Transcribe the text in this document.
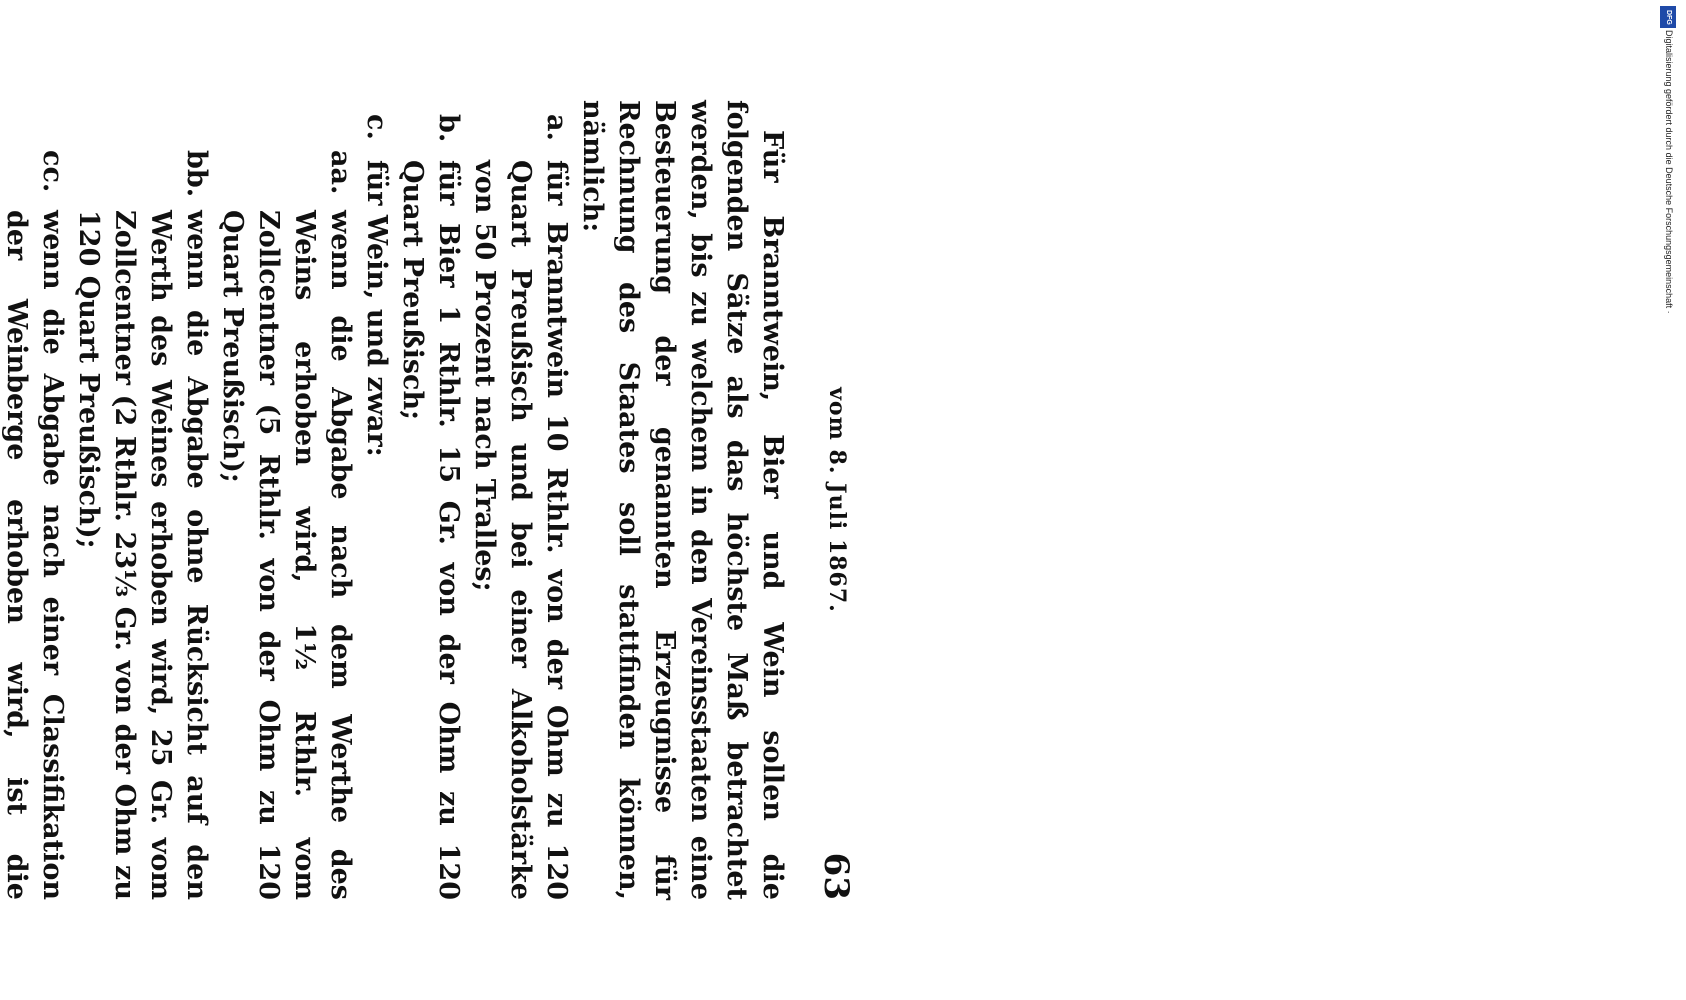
vom 8. Juli 1867.
63

Für Branntwein, Bier und Wein sollen die folgenden Sätze als das höchste Maß betrachtet werden, bis zu welchem in den Vereinsstaaten eine Besteuerung der genannten Erzeugnisse für Rechnung des Staates soll stattfinden können, nämlich:

a.
für Branntwein 10 Rthlr. von der Ohm zu 120 Quart Preußisch und bei einer Alkoholstärke von 50 Prozent nach Tralles;

b.
für Bier 1 Rthlr. 15 Gr. von der Ohm zu 120 Quart Preußisch;

c.
für Wein, und zwar:

aa.
wenn die Abgabe nach dem Werthe des Weins erhoben wird, 1½ Rthlr. vom Zollcentner (5 Rthlr. von der Ohm zu 120 Quart Preußisch);

bb.
wenn die Abgabe ohne Rücksicht auf den Werth des Weines erhoben wird, 25 Gr. vom Zollcentner (2 Rthlr. 23⅓ Gr. von der Ohm zu 120 Quart Preußisch);

cc.
wenn die Abgabe nach einer Classifikation der Weinberge erhoben wird, ist die

DFG
Digitalisierung gefördert durch die Deutsche Forschungsgemeinschaft ·
